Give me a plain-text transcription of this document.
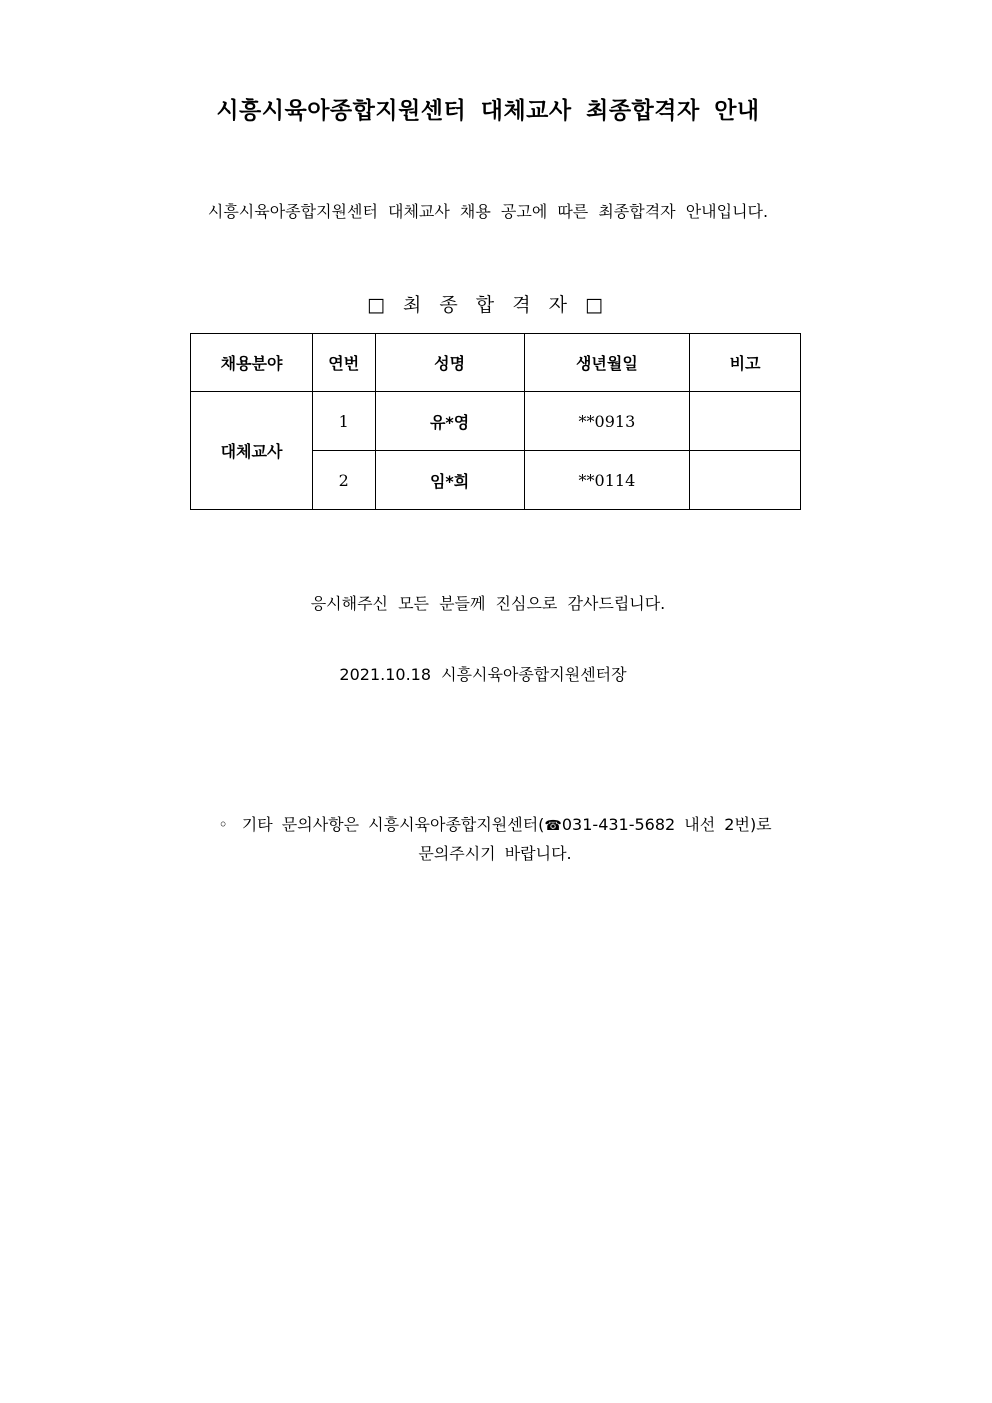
시흥시육아종합지원센터 대체교사 최종합격자 안내

시흥시육아종합지원센터 대체교사 채용 공고에 따른 최종합격자 안내입니다.

□ 최 종 합 격 자 □

채용분야	연번	성명	생년월일	비고
대체교사	1	유*영	**0913	
	2	임*희	**0114	

응시해주신 모든 분들께 진심으로 감사드립니다.

2021.10.18 시흥시육아종합지원센터장

◦ 기타 문의사항은 시흥시육아종합지원센터(☎031-431-5682 내선 2번)로
문의주시기 바랍니다.
